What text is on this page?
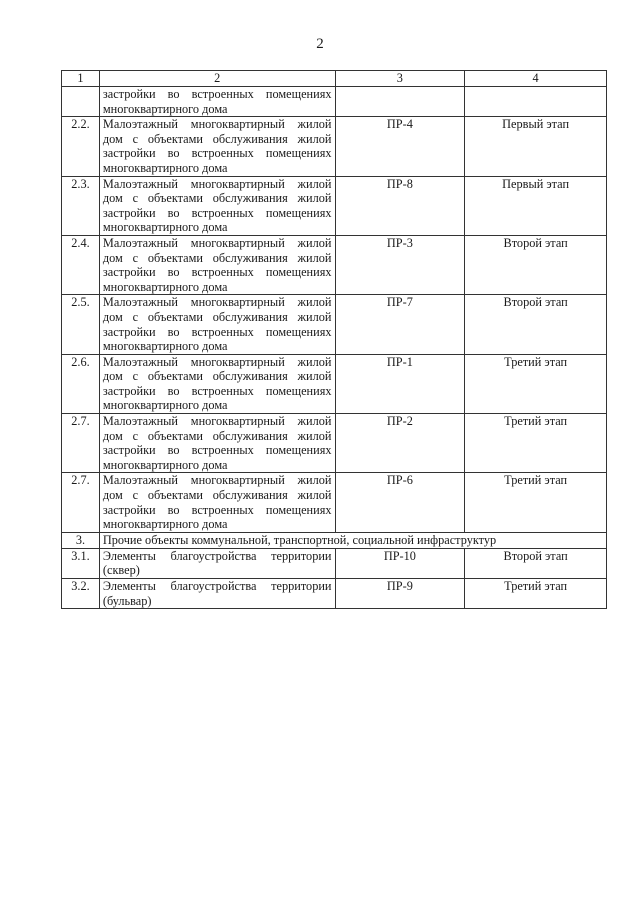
2
1	2	3	4
	застройки во встроенных помещениях многоквартирного дома		
2.2.	Малоэтажный многоквартирный жилой дом с объектами обслуживания жилой застройки во встроенных помещениях многоквартирного дома	ПР-4	Первый этап
2.3.	Малоэтажный многоквартирный жилой дом с объектами обслуживания жилой застройки во встроенных помещениях многоквартирного дома	ПР-8	Первый этап
2.4.	Малоэтажный многоквартирный жилой дом с объектами обслуживания жилой застройки во встроенных помещениях многоквартирного дома	ПР-3	Второй этап
2.5.	Малоэтажный многоквартирный жилой дом с объектами обслуживания жилой застройки во встроенных помещениях многоквартирного дома	ПР-7	Второй этап
2.6.	Малоэтажный многоквартирный жилой дом с объектами обслуживания жилой застройки во встроенных помещениях многоквартирного дома	ПР-1	Третий этап
2.7.	Малоэтажный многоквартирный жилой дом с объектами обслуживания жилой застройки во встроенных помещениях многоквартирного дома	ПР-2	Третий этап
2.7.	Малоэтажный многоквартирный жилой дом с объектами обслуживания жилой застройки во встроенных помещениях многоквартирного дома	ПР-6	Третий этап
3.	Прочие объекты коммунальной, транспортной, социальной инфраструктур		
3.1.	Элементы благоустройства территории (сквер)	ПР-10	Второй этап
3.2.	Элементы благоустройства территории (бульвар)	ПР-9	Третий этап
